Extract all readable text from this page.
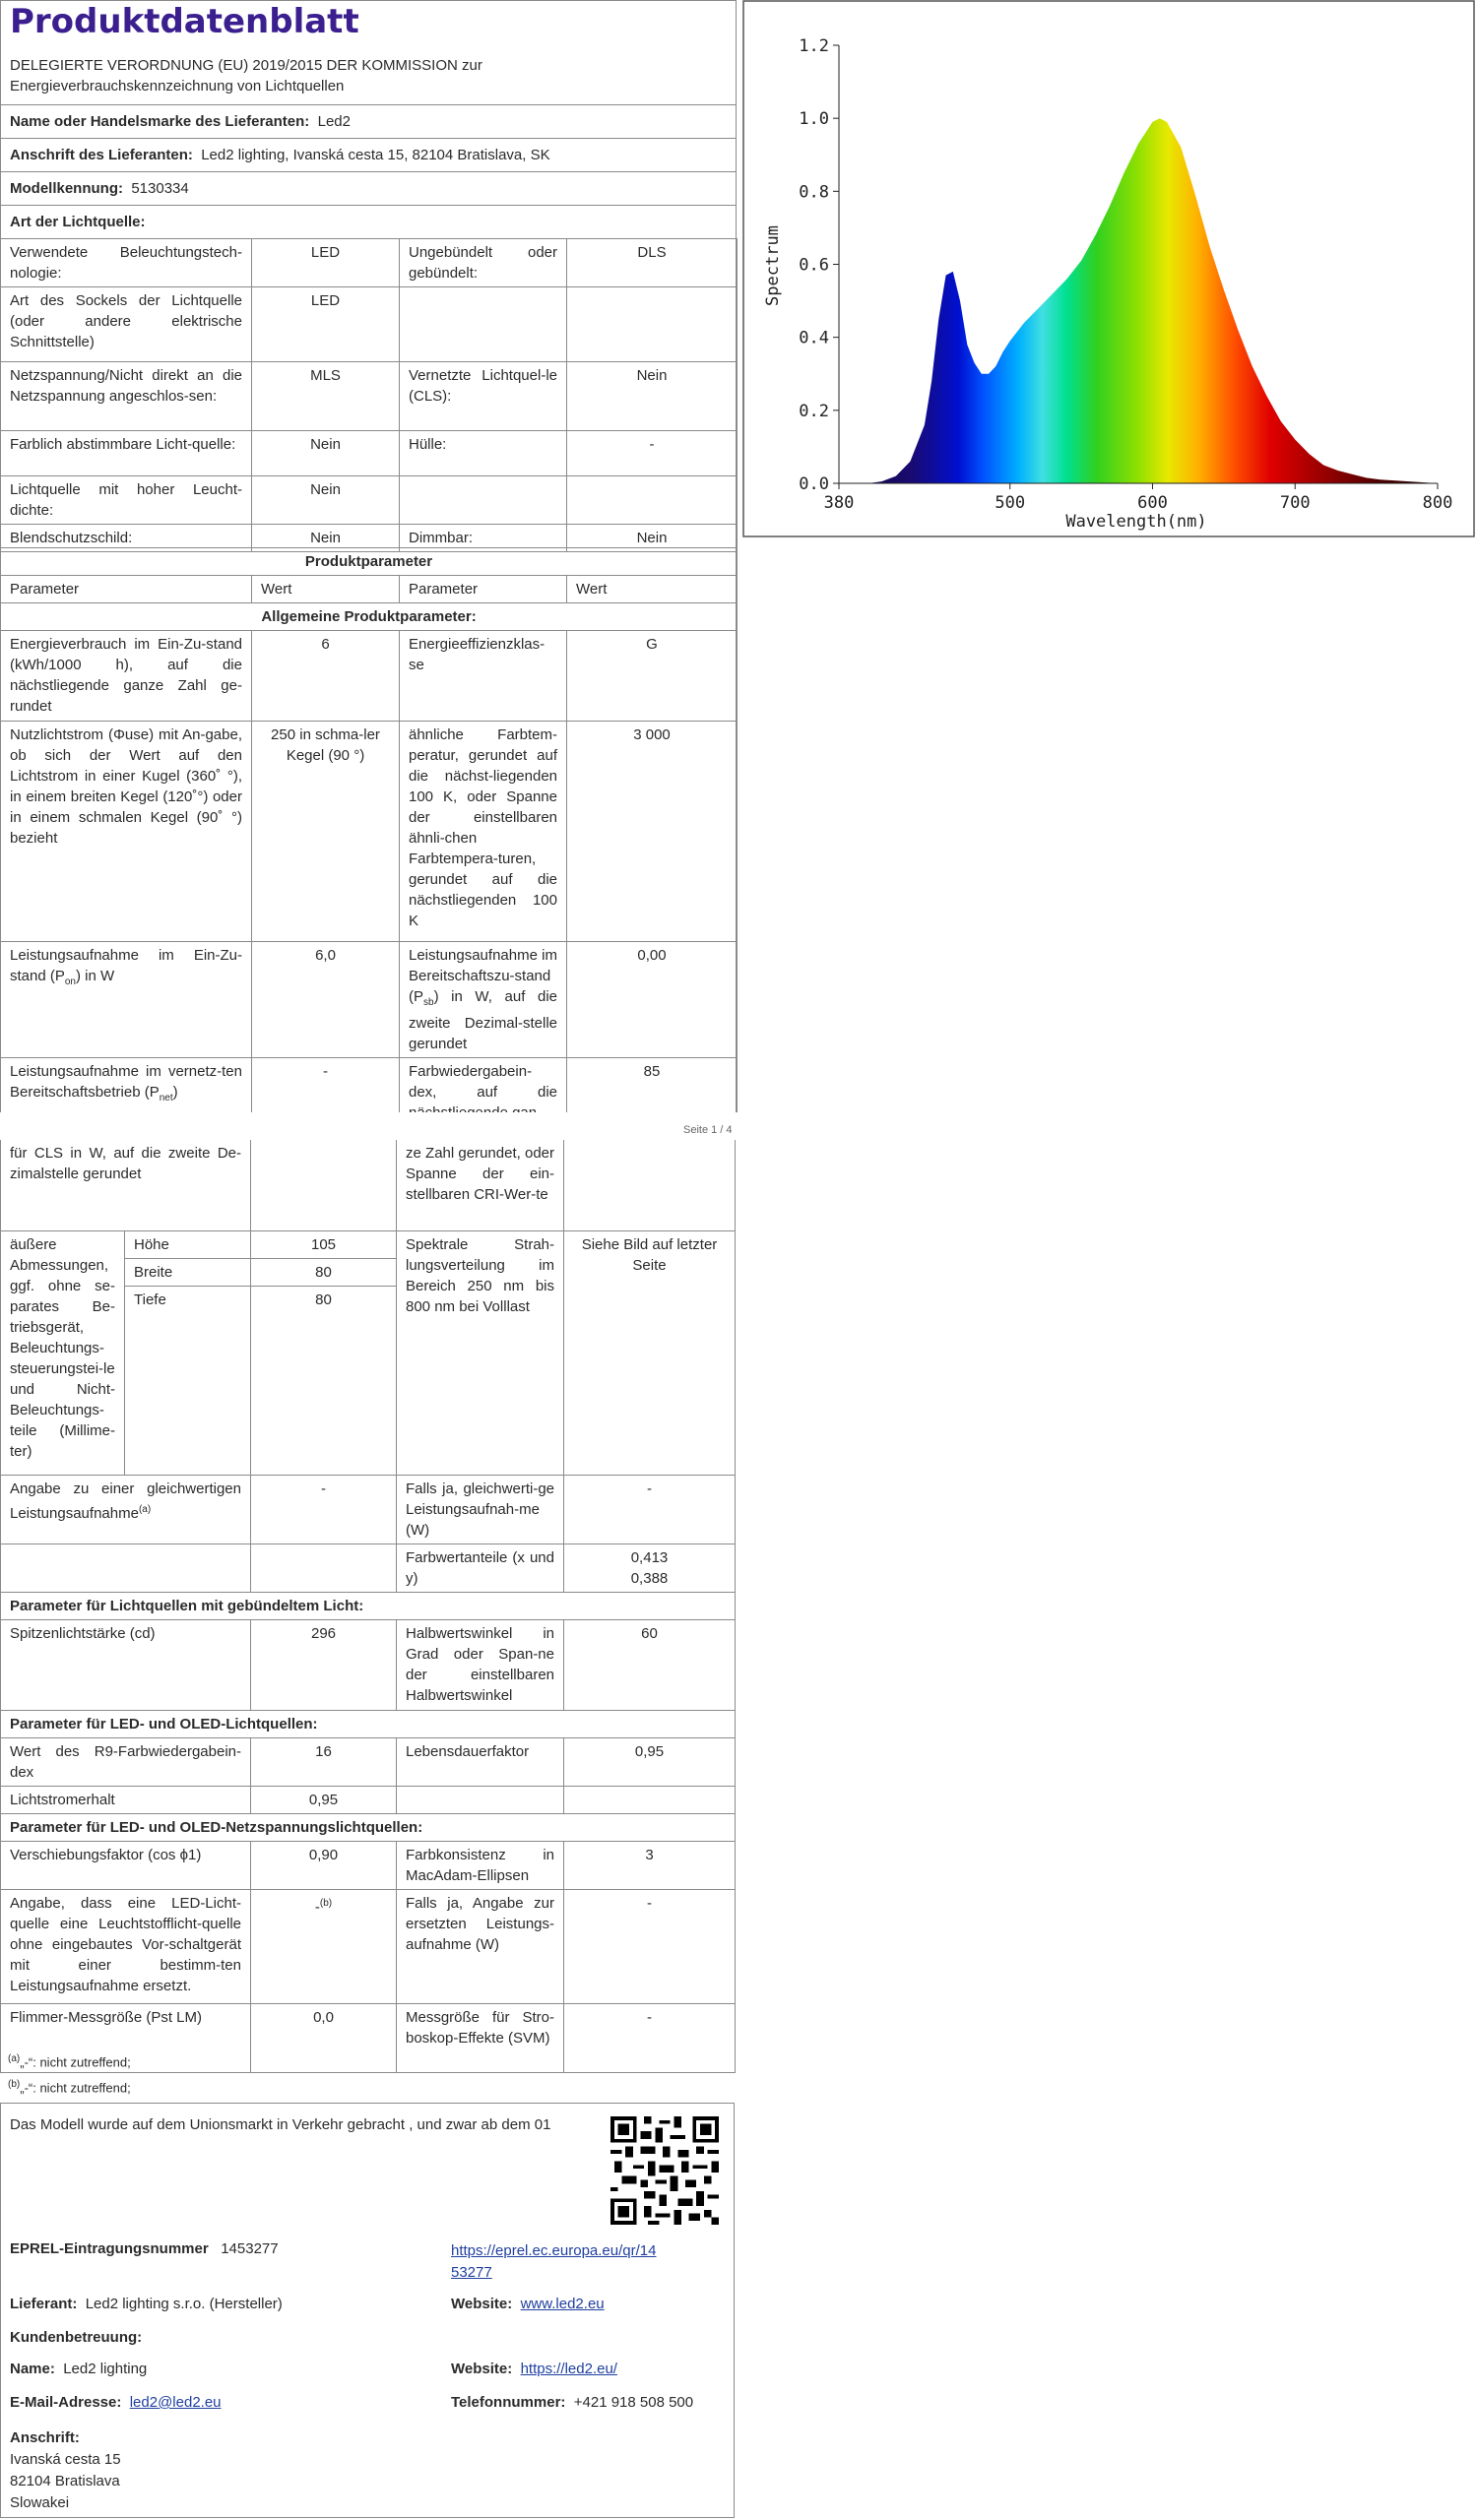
Produktdatenblatt
DELEGIERTE VERORDNUNG (EU) 2019/2015 DER KOMMISSION zur
Energieverbrauchskennzeichnung von Lichtquellen
Name oder Handelsmarke des Lieferanten: Led2
Anschrift des Lieferanten: Led2 lighting, Ivanská cesta 15, 82104 Bratislava, SK
Modellkennung: 5130334
Art der Lichtquelle:
Verwendete Beleuchtungstech-nologie:	LED	Ungebündelt oder gebündelt:	DLS
Art des Sockels der Lichtquelle (oder andere elektrische Schnittstelle)	LED		
Netzspannung/Nicht direkt an die Netzspannung angeschlos-sen:	MLS	Vernetzte Lichtquel-le (CLS):	Nein
Farblich abstimmbare Licht-quelle:	Nein	Hülle:	-
Lichtquelle mit hoher Leucht-dichte:	Nein		
Blendschutzschild:	Nein	Dimmbar:	Nein
Produktparameter			
Parameter	Wert	Parameter	Wert
Allgemeine Produktparameter:			
Energieverbrauch im Ein-Zu-stand (kWh/1000 h), auf die nächstliegende ganze Zahl ge-rundet	6	Energieeffizienzklas-se	G
Nutzlichtstrom (Φuse) mit An-gabe, ob sich der Wert auf den Lichtstrom in einer Kugel (360˚ °), in einem breiten Kegel (120˚°) oder in einem schmalen Kegel (90˚ °) bezieht	250 in schma-ler Kegel (90 °)	ähnliche Farbtem-peratur, gerundet auf die nächst-liegenden 100 K, oder Spanne der einstellbaren ähnli-chen Farbtempera-turen, gerundet auf die nächstliegenden 100 K	3 000
Leistungsaufnahme im Ein-Zu-stand $(P_{on})$ in W	6,0	Leistungsaufnahme im Bereitschaftszu-stand $(P_{sb})$ in W, auf die zweite Dezimal-stelle gerundet	0,00
Leistungsaufnahme im vernetz-ten Bereitschaftsbetrieb $(P_{net})$	-	Farbwiedergabein-dex, auf die	85
Seite 1 / 4
für CLS in W, auf die zweite De-zimalstelle gerundet			ze Zahl gerundet, oder Spanne der ein-stellbaren CRI-Wer-te	
äußere Abmessungen, ggf. ohne se-parates Be-triebsgerät, Beleuchtungs-steuerungstei-le und Nicht-Beleuchtungs-teile (Millime-ter)	Höhe	105	Spektrale Strah-lungsverteilung im Bereich 250 nm bis 800 nm bei Volllast	Siehe Bild auf letzter Seite
	Breite	80		
	Tiefe	80		
Angabe zu einer gleichwertigen Leistungsaufnahme$^{(a)}$		-	Falls ja, gleichwerti-ge Leistungsaufnah-me (W)	-
			Farbwertanteile (x und y)	0,413
0,388

Parameter für Lichtquellen mit gebündeltem Licht:				
Spitzenlichtstärke (cd)		296	Halbwertswinkel in Grad oder Span-ne der einstellbaren Halbwertswinkel	60
Parameter für LED- und OLED-Lichtquellen:				
Wert des R9-Farbwiedergabein-dex		16	Lebensdauerfaktor	0,95
Lichtstromerhalt		0,95		
Parameter für LED- und OLED-Netzspannungslichtquellen:				
Verschiebungsfaktor (cos ϕ1)		0,90	Farbkonsistenz in MacAdam-Ellipsen	3
Angabe, dass eine LED-Licht-quelle eine Leuchtstofflicht-quelle ohne eingebautes Vor-schaltgerät mit einer bestimm-ten Leistungsaufnahme ersetzt.		-$^{(b)}$	Falls ja, Angabe zur ersetzten Leistungs-aufnahme (W)	-
Flimmer-Messgröße (Pst LM)		0,0	Messgröße für Stro-boskop-Effekte (SVM)	-
$^{(a)}$„-“: nicht zutreffend;
$^{(b)}$„-“: nicht zutreffend;
Das Modell wurde auf dem Unionsmarkt in Verkehr gebracht , und zwar ab dem 01
EPREL-Eintragungsnummer 1453277	https://eprel.ec.europa.eu/qr/14
53277
Lieferant: Led2 lighting s.r.o. (Hersteller)	Website: www.led2.eu
Kundenbetreuung:
Name: Led2 lighting	Website: https://led2.eu/
E-Mail-Adresse: led2@led2.eu	Telefonnummer: +421 918 508 500
Anschrift:
Ivanská cesta 15
82104 Bratislava
Slowakei
0.0
0.2
0.4
0.6
0.8
1.0
1.2
380	500	600	700	800
Spectrum
Wavelength(nm)
